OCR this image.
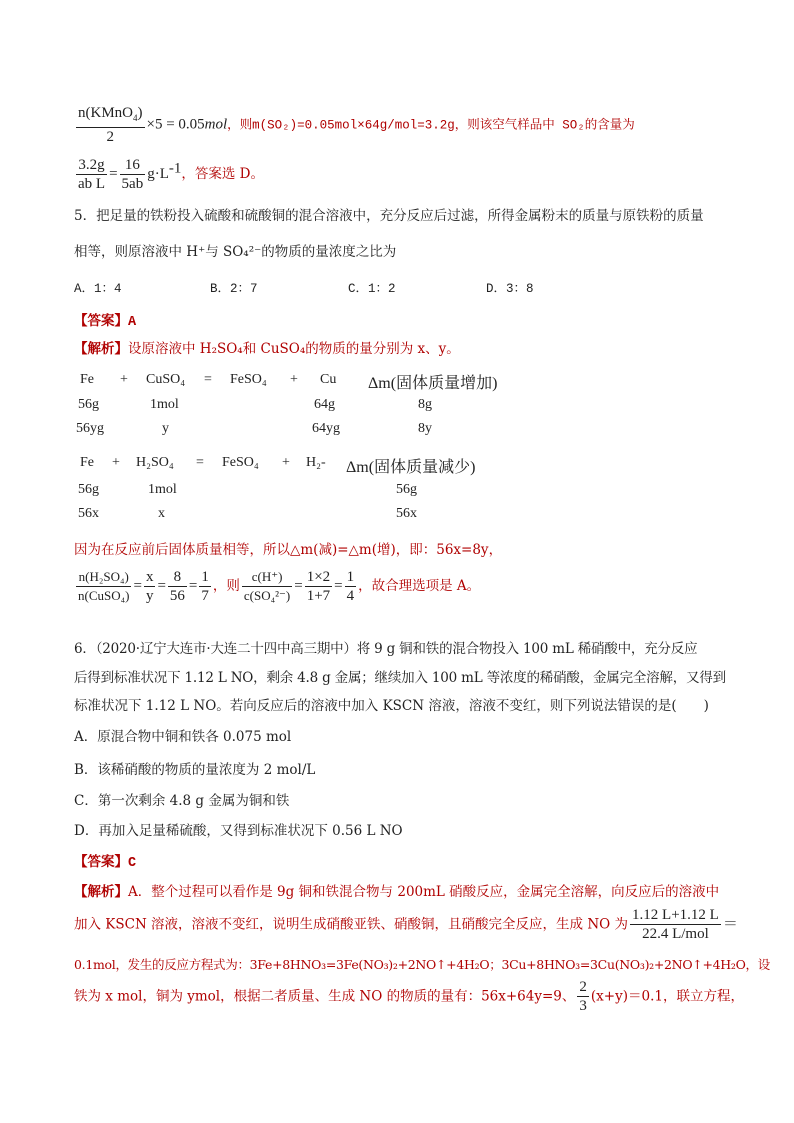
$\frac{n(KMnO_4)}{2} \times 5 = 0.05mol$，则m(SO₂)=0.05mol×64g/mol=3.2g，则该空气样品中 SO₂的含量为
$\frac{3.2g}{\text{ab L}} = \frac{16}{5ab} g\cdot L^{-1}$，答案选 D。
5．把足量的铁粉投入硫酸和硫酸铜的混合溶液中，充分反应后过滤，所得金属粉末的质量与原铁粉的质量
相等，则原溶液中 H⁺与 SO₄²⁻的物质的量浓度之比为
A．1：4	B．2：7	C．1：2	D．3：8
【答案】A
【解析】设原溶液中 H₂SO₄和 CuSO₄的物质的量分别为 x、y。
Fe + CuSO₄ = FeSO₄ + Cu Δm(固体质量增加)
56g	1mol	64g	8g
56yg	y	64yg	8y
Fe + H₂SO₄ = FeSO₄ + H₂- Δm(固体质量减少)
56g	1mol	56g
56x	x	56x
因为在反应前后固体质量相等，所以△m(减)=△m(增)，即：56x=8y，
$\frac{\text{n(H₂SO₄)}}{\text{n(CuSO₄)}} = \frac{x}{y} = \frac{8}{56} = \frac{1}{7}$ ，则 $\frac{c(H^+)}{\text{c(SO₄²⁻)}} = \frac{1\times 2}{1+7} = \frac{1}{4}$ ，故合理选项是 A。
6．（2020·辽宁大连市·大连二十四中高三期中）将 9 g 铜和铁的混合物投入 100 mL 稀硝酸中，充分反应
后得到标准状况下 1.12 L NO，剩余 4.8 g 金属；继续加入 100 mL 等浓度的稀硝酸，金属完全溶解，又得到
标准状况下 1.12 L NO。若向反应后的溶液中加入 KSCN 溶液，溶液不变红，则下列说法错误的是(　　)
A．原混合物中铜和铁各 0.075 mol
B．该稀硝酸的物质的量浓度为 2 mol/L
C．第一次剩余 4.8 g 金属为铜和铁
D．再加入足量稀硫酸，又得到标准状况下 0.56 L NO
【答案】C
【解析】A．整个过程可以看作是 9g 铜和铁混合物与 200mL 硝酸反应，金属完全溶解，向反应后的溶液中
加入 KSCN 溶液，溶液不变红，说明生成硝酸亚铁、硝酸铜，且硝酸完全反应，生成 NO 为 $\frac{1.12 L+1.12 L}{\text{22.4 L/mol}}$ ＝
0.1mol，发生的反应方程式为：3Fe+8HNO₃=3Fe(NO₃)₂+2NO↑+4H₂O；3Cu+8HNO₃=3Cu(NO₃)₂+2NO↑+4H₂O，设
铁为 x mol，铜为 ymol，根据二者质量、生成 NO 的物质的量有：56x+64y=9、 $\frac{2}{3} (x+y)=0.1$，联立方程，
